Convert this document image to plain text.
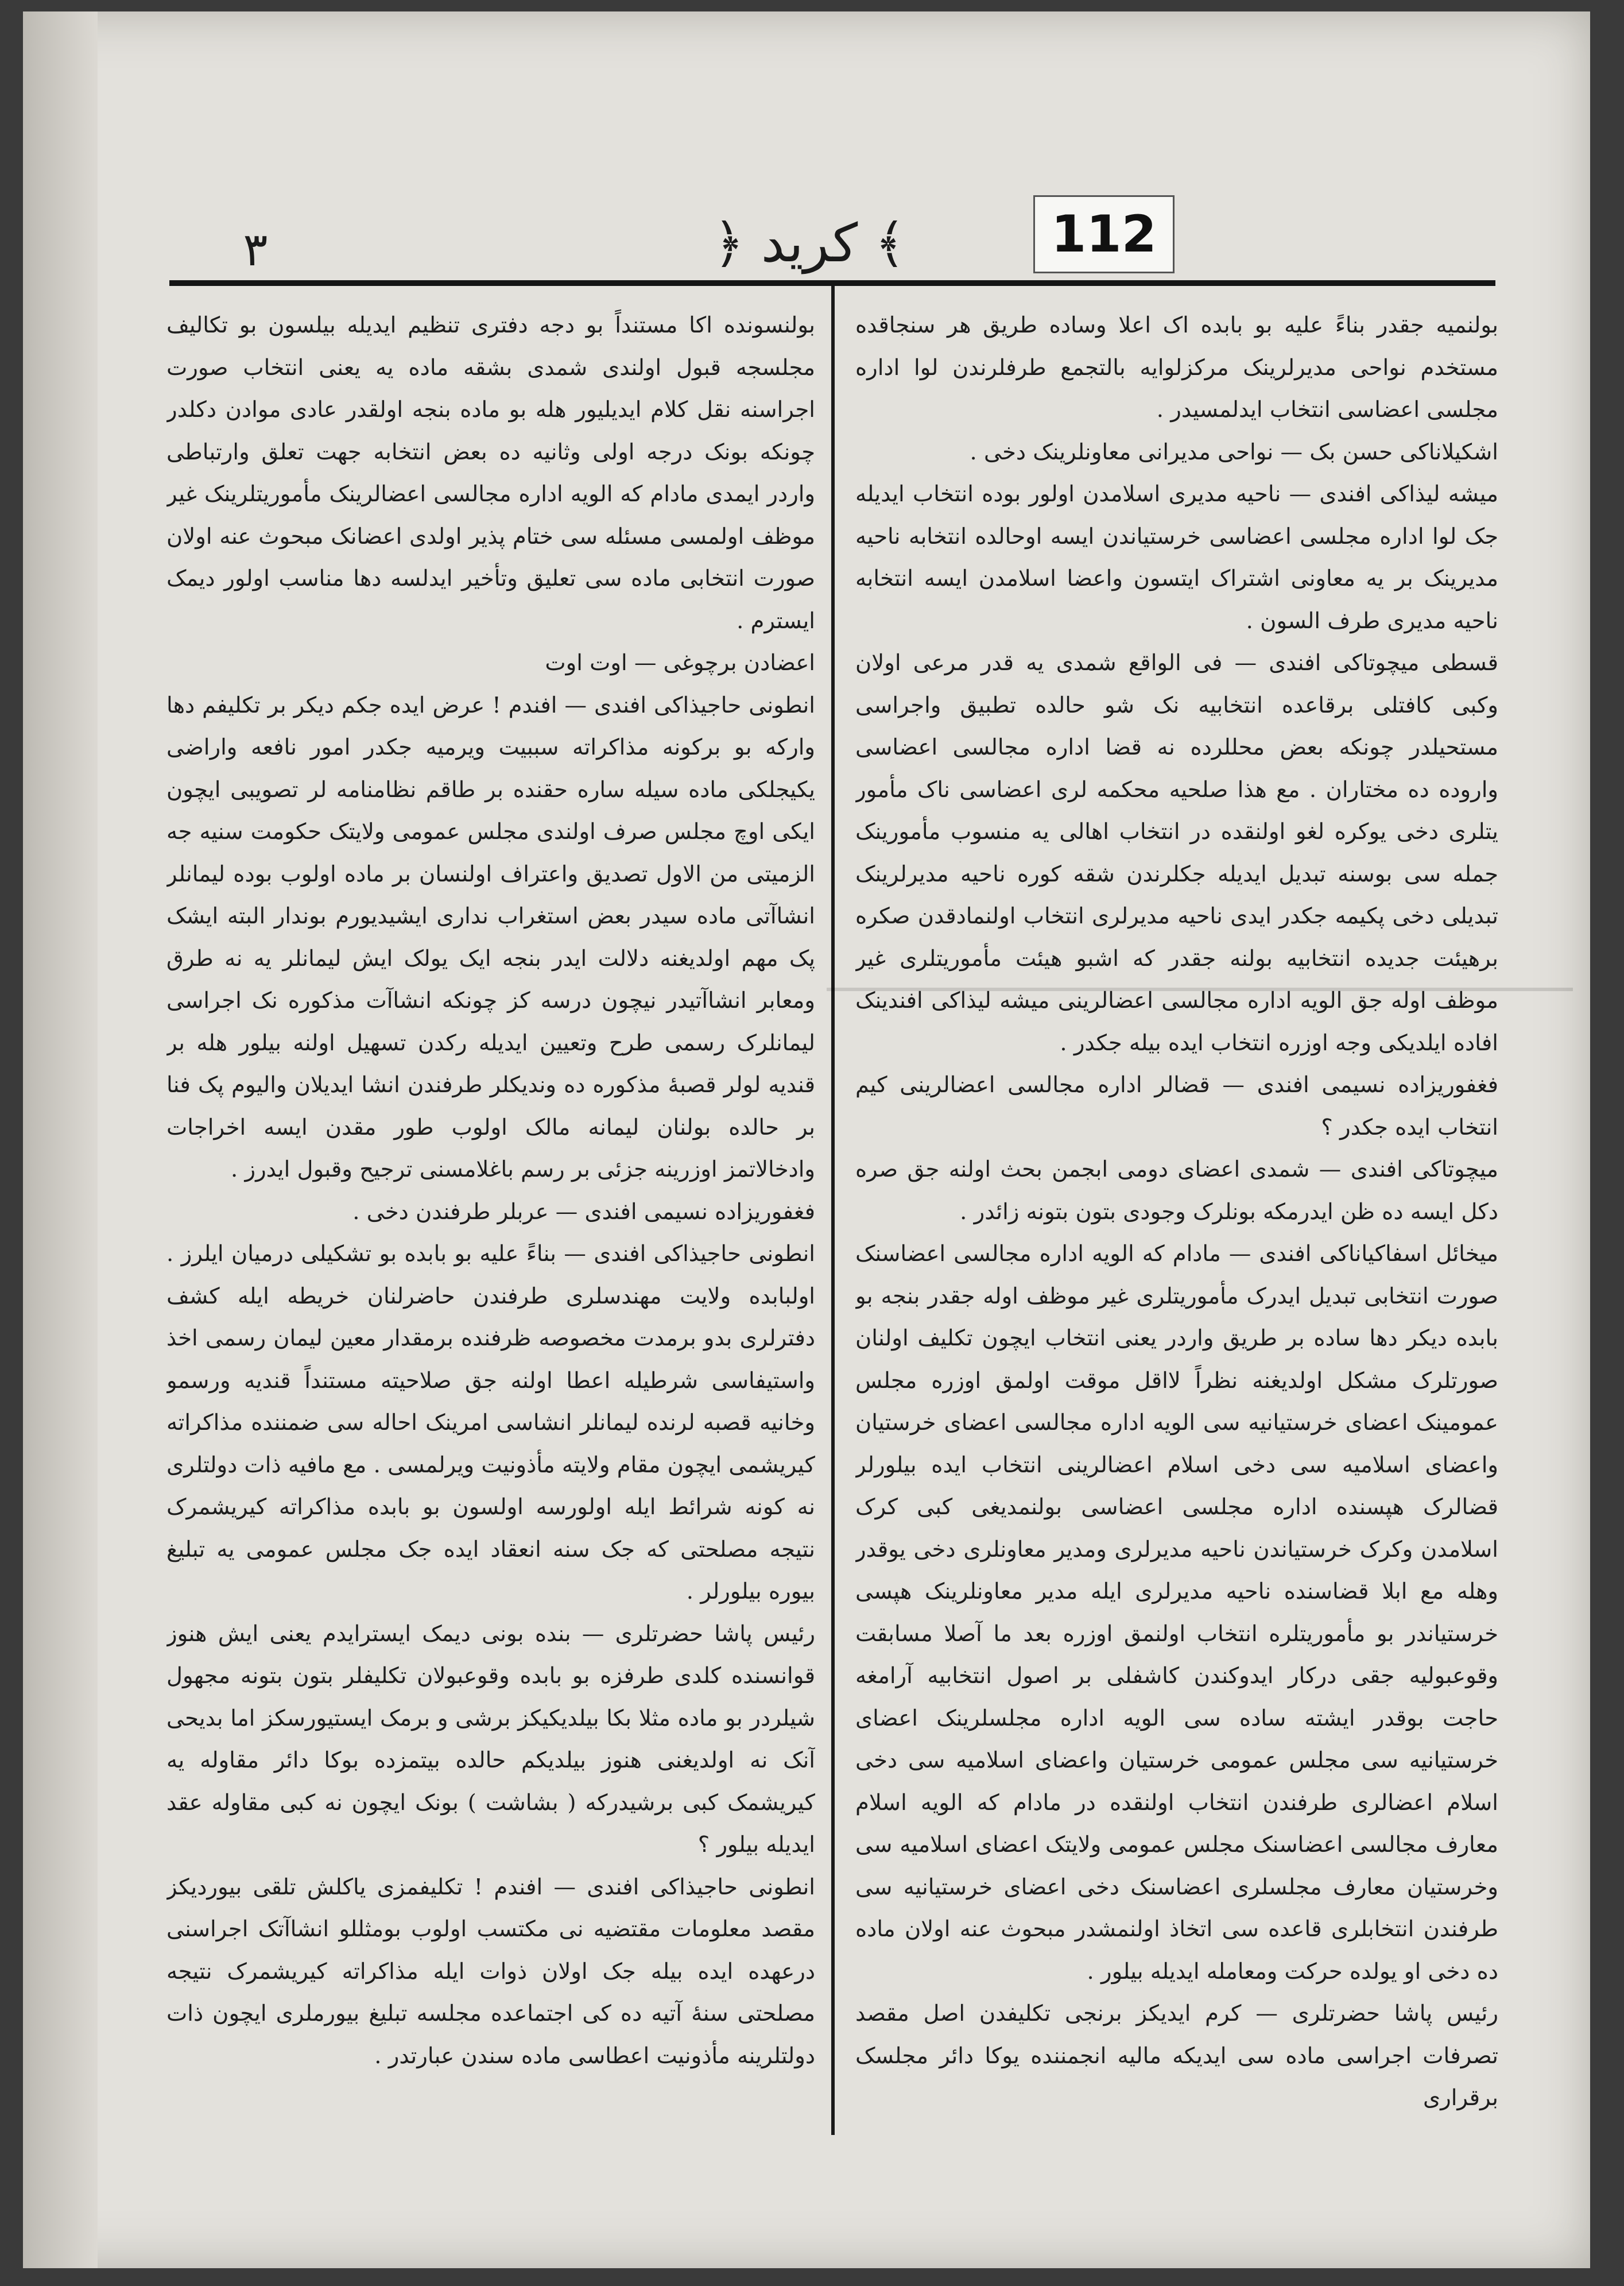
112
﴾ کرید ﴿
۳

بولنمیه جقدر بناءً علیه بو بابده اک اعلا وساده طریق هر سنجاقده مستخدم نواحی مدیرلرینک مرکزلوایه بالتجمع طرفلرندن لوا اداره مجلسی اعضاسی انتخاب ایدلمسیدر .

اشکیلاناکی حسن بک — نواحی مدیرانی معاونلرینک دخی .

میشه لیذاکی افندی — ناحیه مدیری اسلامدن اولور بوده انتخاب ایدیله جک لوا اداره مجلسی اعضاسی خرستیاندن ایسه اوحالده انتخابه ناحیه مدیرینک بر یه معاونی اشتراک ایتسون واعضا اسلامدن ایسه انتخابه ناحیه مدیری طرف السون .

قسطی میچوتاکی افندی — فی الواقع شمدی یه قدر مرعی اولان وکبی کافتلی برقاعده انتخابیه نک شو حالده تطبیق واجراسی مستحیلدر چونکه بعض محللرده نه قضا اداره مجالسی اعضاسی واروده ده مختاران . مع هذا صلحیه محکمه لری اعضاسی ناک مأمور یتلری دخی یوکره لغو اولنقده در انتخاب اهالی یه منسوب مأمورینک جمله سی بوسنه تبدیل ایدیله جکلرندن شقه کوره ناحیه مدیرلرینک تبدیلی دخی پکیمه جکدر ایدی ناحیه مدیرلری انتخاب اولنمادقدن صکره برهیئت جدیده انتخابیه بولنه جقدر که اشبو هیئت مأموریتلری غیر موظف اوله جق الویه اداره مجالسی اعضالرینی میشه لیذاکی افندینک افاده ایلدیکی وجه اوزره انتخاب ایده بیله جکدر .

فغفوریزاده نسیمی افندی — قضالر اداره مجالسی اعضالرینی کیم انتخاب ایده جکدر ؟

میچوتاکی افندی — شمدی اعضای دومی ابجمن بحث اولنه جق صره دکل ایسه ده ظن ایدرمکه بونلرک وجودی بتون بتونه زائدر .

میخائل اسفاکیاناکی افندی — مادام که الویه اداره مجالسی اعضاسنک صورت انتخابی تبدیل ایدرک مأموریتلری غیر موظف اوله جقدر بنجه بو بابده دیکر دها ساده بر طریق واردر یعنی انتخاب ایچون تکلیف اولنان صورتلرک مشکل اولدیغنه نظراً لااقل موقت اولمق اوزره مجلس عمومینک اعضای خرستیانیه سی الویه اداره مجالسی اعضای خرستیان واعضای اسلامیه سی دخی اسلام اعضالرینی انتخاب ایده بیلورلر قضالرک هپسنده اداره مجلسی اعضاسی بولنمدیغی کبی کرک اسلامدن وکرک خرستیاندن ناحیه مدیرلری ومدیر معاونلری دخی یوقدر وهله مع ابلا قضاسنده ناحیه مدیرلری ایله مدیر معاونلرینک هپسی خرستیاندر بو مأموریتلره انتخاب اولنمق اوزره بعد ما آصلا مسابقت وقوعبولیه جقی درکار ایدوکندن کاشفلی بر اصول انتخابیه آرامغه حاجت بوقدر ایشته ساده سی الویه اداره مجلسلرینک اعضای خرستیانیه سی مجلس عمومی خرستیان واعضای اسلامیه سی دخی اسلام اعضالری طرفندن انتخاب اولنقده در مادام که الویه اسلام معارف مجالسی اعضاسنک مجلس عمومی ولایتک اعضای اسلامیه سی وخرستیان معارف مجلسلری اعضاسنک دخی اعضای خرستیانیه سی طرفندن انتخابلری قاعده سی اتخاذ اولنمشدر مبحوث عنه اولان ماده ده دخی او یولده حرکت ومعامله ایدیله بیلور .

رئیس پاشا حضرتلری — کرم ایدیکز برنجی تکلیفدن اصل مقصد تصرفات اجراسی ماده سی ایدیکه مالیه انجمننده یوکا دائر مجلسک برقراری

بولنسونده اکا مستنداً بو دجه دفتری تنظیم ایدیله بیلسون بو تکالیف مجلسجه قبول اولندی شمدی بشقه ماده یه یعنی انتخاب صورت اجراسنه نقل کلام ایدیلیور هله بو ماده بنجه اولقدر عادی موادن دکلدر چونکه بونک درجه اولی وثانیه ده بعض انتخابه جهت تعلق وارتباطی واردر ایمدی مادام که الویه اداره مجالسی اعضالرینک مأموریتلرینک غیر موظف اولمسی مسئله سی ختام پذیر اولدی اعضانک مبحوث عنه اولان صورت انتخابی ماده سی تعلیق وتأخیر ایدلسه دها مناسب اولور دیمک ایسترم .

اعضادن برچوغی — اوت اوت

انطونی حاجیذاکی افندی — افندم ! عرض ایده جکم دیکر بر تکلیفم دها وارکه بو برکونه مذاکراته سببیت ویرمیه جکدر امور نافعه واراضی یکیجلکی ماده سیله ساره حقنده بر طاقم نظامنامه لر تصویبی ایچون ایکی اوچ مجلس صرف اولندی مجلس عمومی ولایتک حکومت سنیه جه الزمیتی من الاول تصدیق واعتراف اولنسان بر ماده اولوب بوده لیمانلر انشاآتی ماده سیدر بعض استغراب نداری ایشیدیورم بوندار البته ایشک پک مهم اولدیغنه دلالت ایدر بنجه ایک یولک ایش لیمانلر یه نه طرق ومعابر انشاآتیدر نیچون درسه کز چونکه انشاآت مذکوره نک اجراسی لیمانلرک رسمی طرح وتعیین ایدیله رکدن تسهیل اولنه بیلور هله بر قندیه لولر قصبهٔ مذکوره ده وندیکلر طرفندن انشا ایدیلان والیوم پک فنا بر حالده بولنان لیمانه مالک اولوب طور مقدن ایسه اخراجات وادخالاتمز اوزرینه جزئی بر رسم باغلامسنی ترجیح وقبول ایدرز .

فغفوریزاده نسیمی افندی — عربلر طرفندن دخی .

انطونی حاجیذاکی افندی — بناءً علیه بو بابده بو تشکیلی درمیان ایلرز . اولبابده ولایت مهندسلری طرفندن حاضرلنان خریطه ایله کشف دفترلری بدو برمدت مخصوصه ظرفنده برمقدار معین لیمان رسمی اخذ واستیفاسی شرطیله اعطا اولنه جق صلاحیته مستنداً قندیه ورسمو وخانیه قصبه لرنده لیمانلر انشاسی امرینک احاله سی ضمننده مذاکراته کیریشمی ایچون مقام ولایته مأذونیت ویرلمسی . مع مافیه ذات دولتلری نه کونه شرائط ایله اولورسه اولسون بو بابده مذاکراته کیریشمرک نتیجه مصلحتی که جک سنه انعقاد ایده جک مجلس عمومی یه تبلیغ بیوره بیلورلر .

رئیس پاشا حضرتلری — بنده بونی دیمک ایسترایدم یعنی ایش هنوز قوانسنده کلدی طرفزه بو بابده وقوعبولان تکلیفلر بتون بتونه مجهول شیلردر بو ماده مثلا بکا بیلدیکیکز برشی و برمک ایستیورسکز اما بدیحی آنک نه اولدیغنی هنوز بیلدیکم حالده بیتمزده بوکا دائر مقاوله یه کیریشمک کبی برشیدرکه ( بشاشت ) بونک ایچون نه کبی مقاوله عقد ایدیله بیلور ؟

انطونی حاجیذاکی افندی — افندم ! تکلیفمزی یاکلش تلقی بیوردیکز مقصد معلومات مقتضیه نی مکتسب اولوب بومثللو انشاآتک اجراسنی درعهده ایده بیله جک اولان ذوات ایله مذاکراته کیریشمرک نتیجه مصلحتی سنهٔ آتیه ده کی اجتماعده مجلسه تبلیغ بیورملری ایچون ذات دولتلرینه مأذونیت اعطاسی ماده سندن عبارتدر .
